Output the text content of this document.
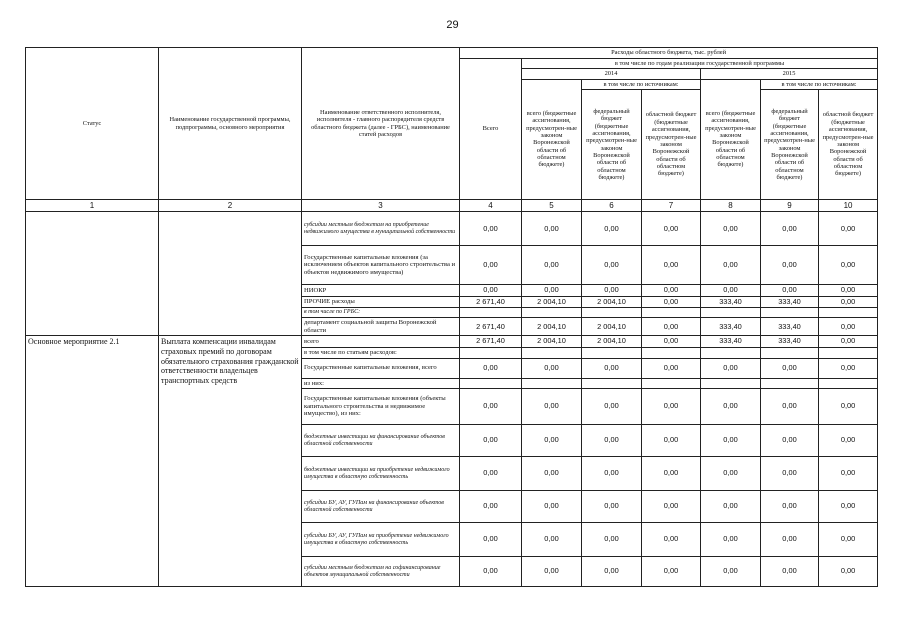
29
Статус	Наименование государственной программы, подпрограммы, основного мероприятия	Наименование ответственного исполнителя, исполнителя - главного распорядителя средств областного бюджета (далее - ГРБС), наименование статей расходов	Расходы областного бюджета, тыс. рублей						
			Всего	в том числе по годам реализации государственной программы					
				2014			2015		
				всего (бюджетные ассигнования, предусмотрен-ные законом Воронежской области об областном бюджете)	в том числе по источникам:		всего (бюджетные ассигнования, предусмотрен-ные законом Воронежской области об областном бюджете)	в том числе по источникам:	
					федеральный бюджет (бюджетные ассигнования, предусмотрен-ные законом Воронежской области об областном бюджете)	областной бюджет (бюджетные ассигнования, предусмотрен-ные законом Воронежской области об областном бюджете)		федеральный бюджет (бюджетные ассигнования, предусмотрен-ные законом Воронежской области об областном бюджете)	областной бюджет (бюджетные ассигнования, предусмотрен-ные законом Воронежской области об областном бюджете)
1	2	3	4	5	6	7	8	9	10
		субсидии местным бюджетам на приобретение недвижимого имущества в муниципальной собственности	0,00	0,00	0,00	0,00	0,00	0,00	0,00
		Государственные капитальные вложения (за исключением объектов капитального строительства и объектов недвижимого имущества)	0,00	0,00	0,00	0,00	0,00	0,00	0,00
		НИОКР	0,00	0,00	0,00	0,00	0,00	0,00	0,00
		ПРОЧИЕ расходы	2 671,40	2 004,10	2 004,10	0,00	333,40	333,40	0,00
		в том числе по ГРБС:							
		департамент социальной защиты Воронежской области	2 671,40	2 004,10	2 004,10	0,00	333,40	333,40	0,00
Основное мероприятие 2.1	Выплата компенсации инвалидам страховых премий по договорам обязательного страхования гражданской ответственности владельцев транспортных средств	всего	2 671,40	2 004,10	2 004,10	0,00	333,40	333,40	0,00
		в том числе по статьям расходов:							
		Государственные капитальные вложения, всего	0,00	0,00	0,00	0,00	0,00	0,00	0,00
		из них:							
		Государственные капитальные вложения (объекты капитального строительства и недвижимое имущество), из них:	0,00	0,00	0,00	0,00	0,00	0,00	0,00
		бюджетные инвестиции на финансирование объектов областной собственности	0,00	0,00	0,00	0,00	0,00	0,00	0,00
		бюджетные инвестиции на приобретение недвижимого имущества в областную собственность	0,00	0,00	0,00	0,00	0,00	0,00	0,00
		субсидии БУ, АУ, ГУПам на финансирование объектов областной собственности	0,00	0,00	0,00	0,00	0,00	0,00	0,00
		субсидии БУ, АУ, ГУПам на приобретение недвижимого имущества в областную собственность	0,00	0,00	0,00	0,00	0,00	0,00	0,00
		субсидии местным бюджетам на софинансирование объектов муниципальной собственности	0,00	0,00	0,00	0,00	0,00	0,00	0,00
